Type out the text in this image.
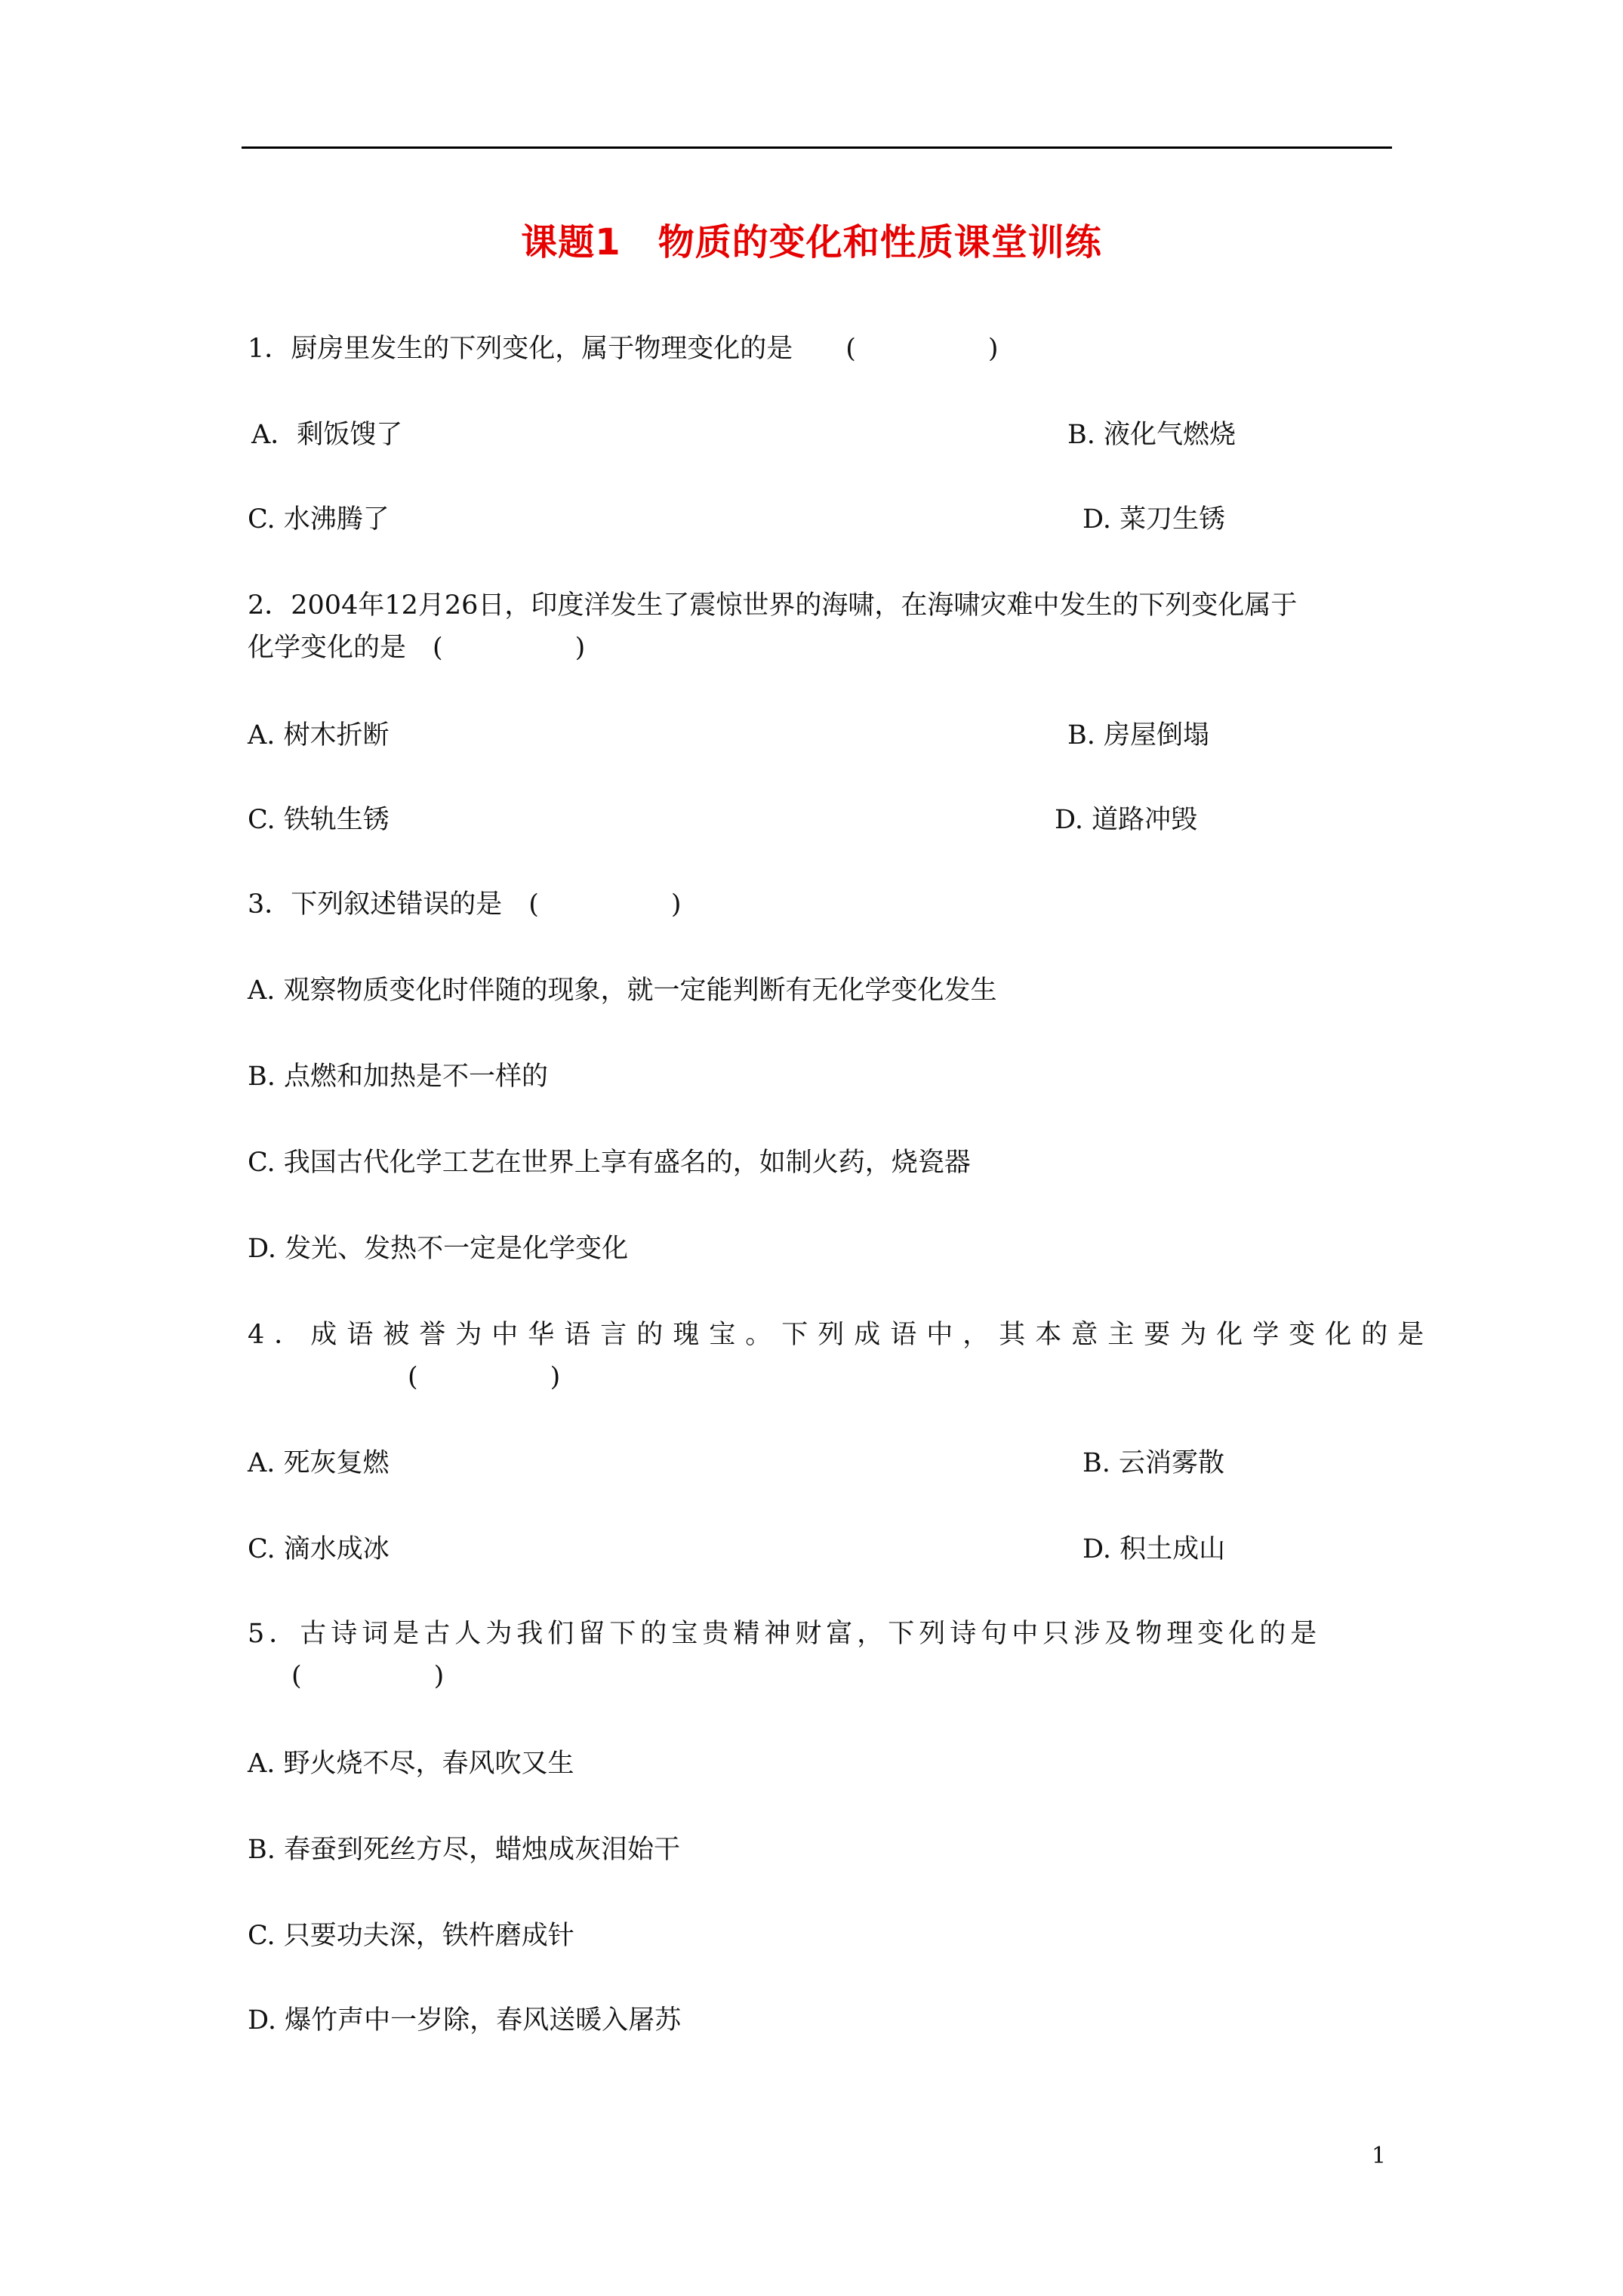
课题1　物质的变化和性质课堂训练
1．厨房里发生的下列变化，属于物理变化的是　　(　　　　　)
A．剩饭馊了	B. 液化气燃烧
C. 水沸腾了	D. 菜刀生锈
2．2004年12月26日，印度洋发生了震惊世界的海啸，在海啸灾难中发生的下列变化属于
化学变化的是　(　　　　　)
A. 树木折断	B. 房屋倒塌
C. 铁轨生锈	D. 道路冲毁
3．下列叙述错误的是　(　　　　　)
A. 观察物质变化时伴随的现象，就一定能判断有无化学变化发生
B. 点燃和加热是不一样的
C. 我国古代化学工艺在世界上享有盛名的，如制火药，烧瓷器
D. 发光、发热不一定是化学变化
4．成语被誉为中华语言的瑰宝。下列成语中，其本意主要为化学变化的是
(　　　　　)
A. 死灰复燃	B. 云消雾散
C. 滴水成冰	D. 积土成山
5．古诗词是古人为我们留下的宝贵精神财富，下列诗句中只涉及物理变化的是
(　　　　　)
A. 野火烧不尽，春风吹又生
B. 春蚕到死丝方尽，蜡烛成灰泪始干
C. 只要功夫深，铁杵磨成针
D. 爆竹声中一岁除，春风送暖入屠苏
1
